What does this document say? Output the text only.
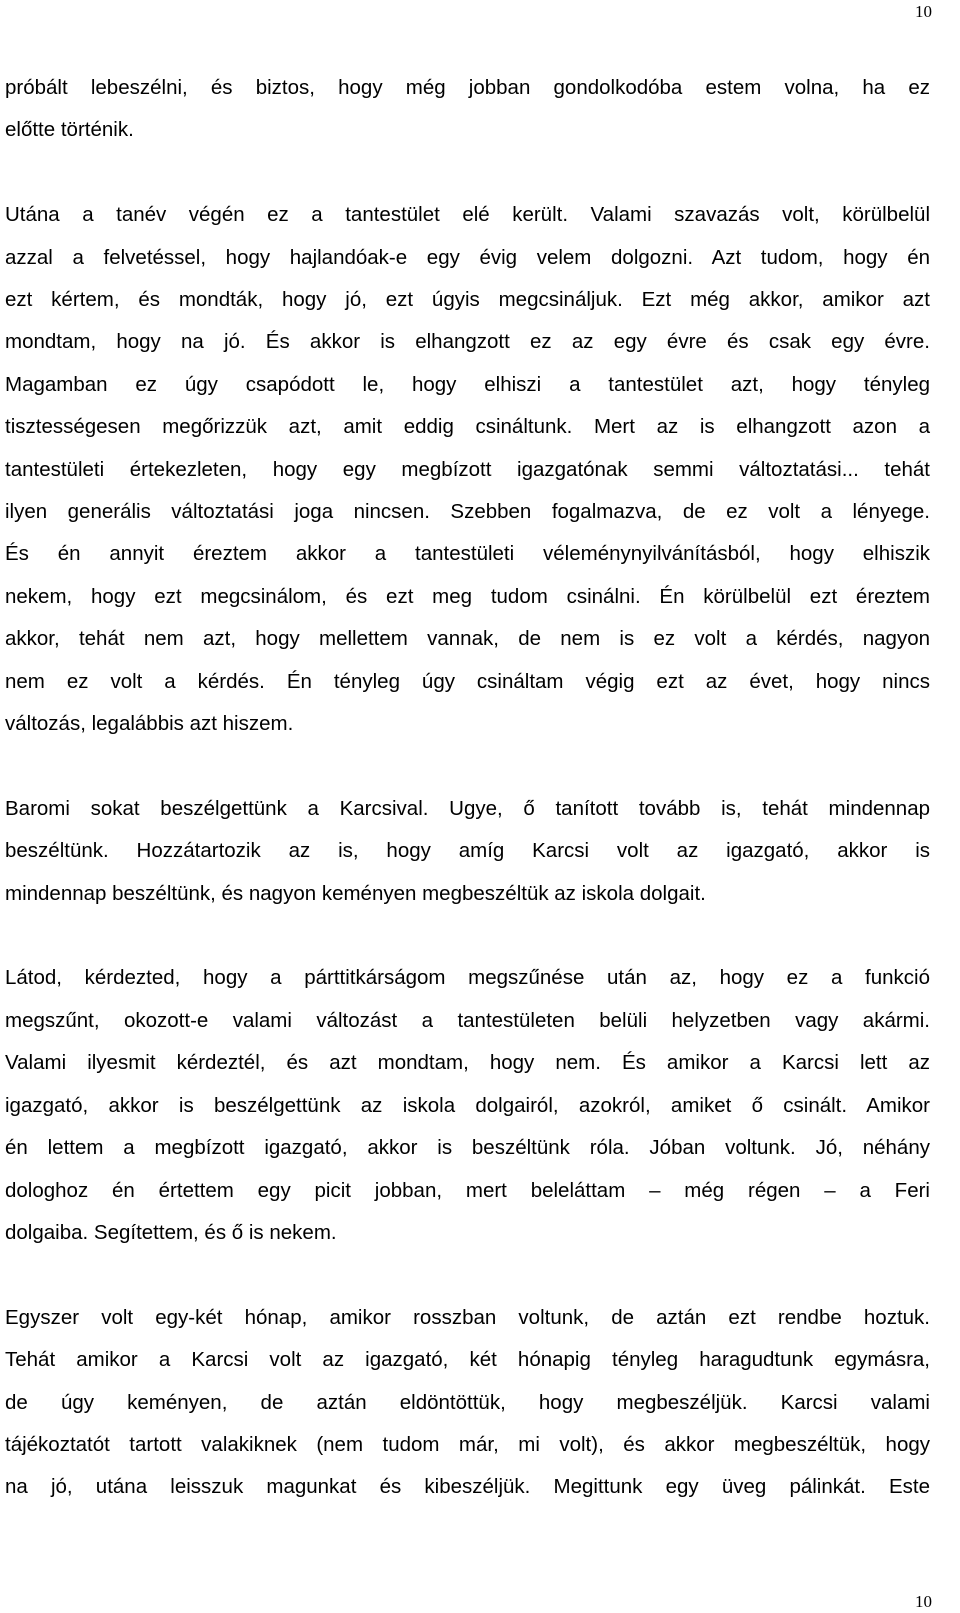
10

próbált lebeszélni, és biztos, hogy még jobban gondolkodóba estem volna, ha ez
előtte történik.

Utána a tanév végén ez a tantestület elé került. Valami szavazás volt, körülbelül
azzal a felvetéssel, hogy hajlandóak-e egy évig velem dolgozni. Azt tudom, hogy én
ezt kértem, és mondták, hogy jó, ezt úgyis megcsináljuk. Ezt még akkor, amikor azt
mondtam, hogy na jó. És akkor is elhangzott ez az egy évre és csak egy évre.
Magamban ez úgy csapódott le, hogy elhiszi a tantestület azt, hogy tényleg
tisztességesen megőrizzük azt, amit eddig csináltunk. Mert az is elhangzott azon a
tantestületi értekezleten, hogy egy megbízott igazgatónak semmi változtatási... tehát
ilyen generális változtatási joga nincsen. Szebben fogalmazva, de ez volt a lényege.
És én annyit éreztem akkor a tantestületi véleménynyilvánításból, hogy elhiszik
nekem, hogy ezt megcsinálom, és ezt meg tudom csinálni. Én körülbelül ezt éreztem
akkor, tehát nem azt, hogy mellettem vannak, de nem is ez volt a kérdés, nagyon
nem ez volt a kérdés. Én tényleg úgy csináltam végig ezt az évet, hogy nincs
változás, legalábbis azt hiszem.

Baromi sokat beszélgettünk a Karcsival. Ugye, ő tanított tovább is, tehát mindennap
beszéltünk. Hozzátartozik az is, hogy amíg Karcsi volt az igazgató, akkor is
mindennap beszéltünk, és nagyon keményen megbeszéltük az iskola dolgait.

Látod, kérdezted, hogy a párttitkárságom megszűnése után az, hogy ez a funkció
megszűnt, okozott-e valami változást a tantestületen belüli helyzetben vagy akármi.
Valami ilyesmit kérdeztél, és azt mondtam, hogy nem. És amikor a Karcsi lett az
igazgató, akkor is beszélgettünk az iskola dolgairól, azokról, amiket ő csinált. Amikor
én lettem a megbízott igazgató, akkor is beszéltünk róla. Jóban voltunk. Jó, néhány
dologhoz én értettem egy picit jobban, mert beleláttam – még régen – a Feri
dolgaiba. Segítettem, és ő is nekem.

Egyszer volt egy-két hónap, amikor rosszban voltunk, de aztán ezt rendbe hoztuk.
Tehát amikor a Karcsi volt az igazgató, két hónapig tényleg haragudtunk egymásra,
de úgy keményen, de aztán eldöntöttük, hogy megbeszéljük. Karcsi valami
tájékoztatót tartott valakiknek (nem tudom már, mi volt), és akkor megbeszéltük, hogy
na jó, utána leisszuk magunkat és kibeszéljük. Megittunk egy üveg pálinkát. Este

10
